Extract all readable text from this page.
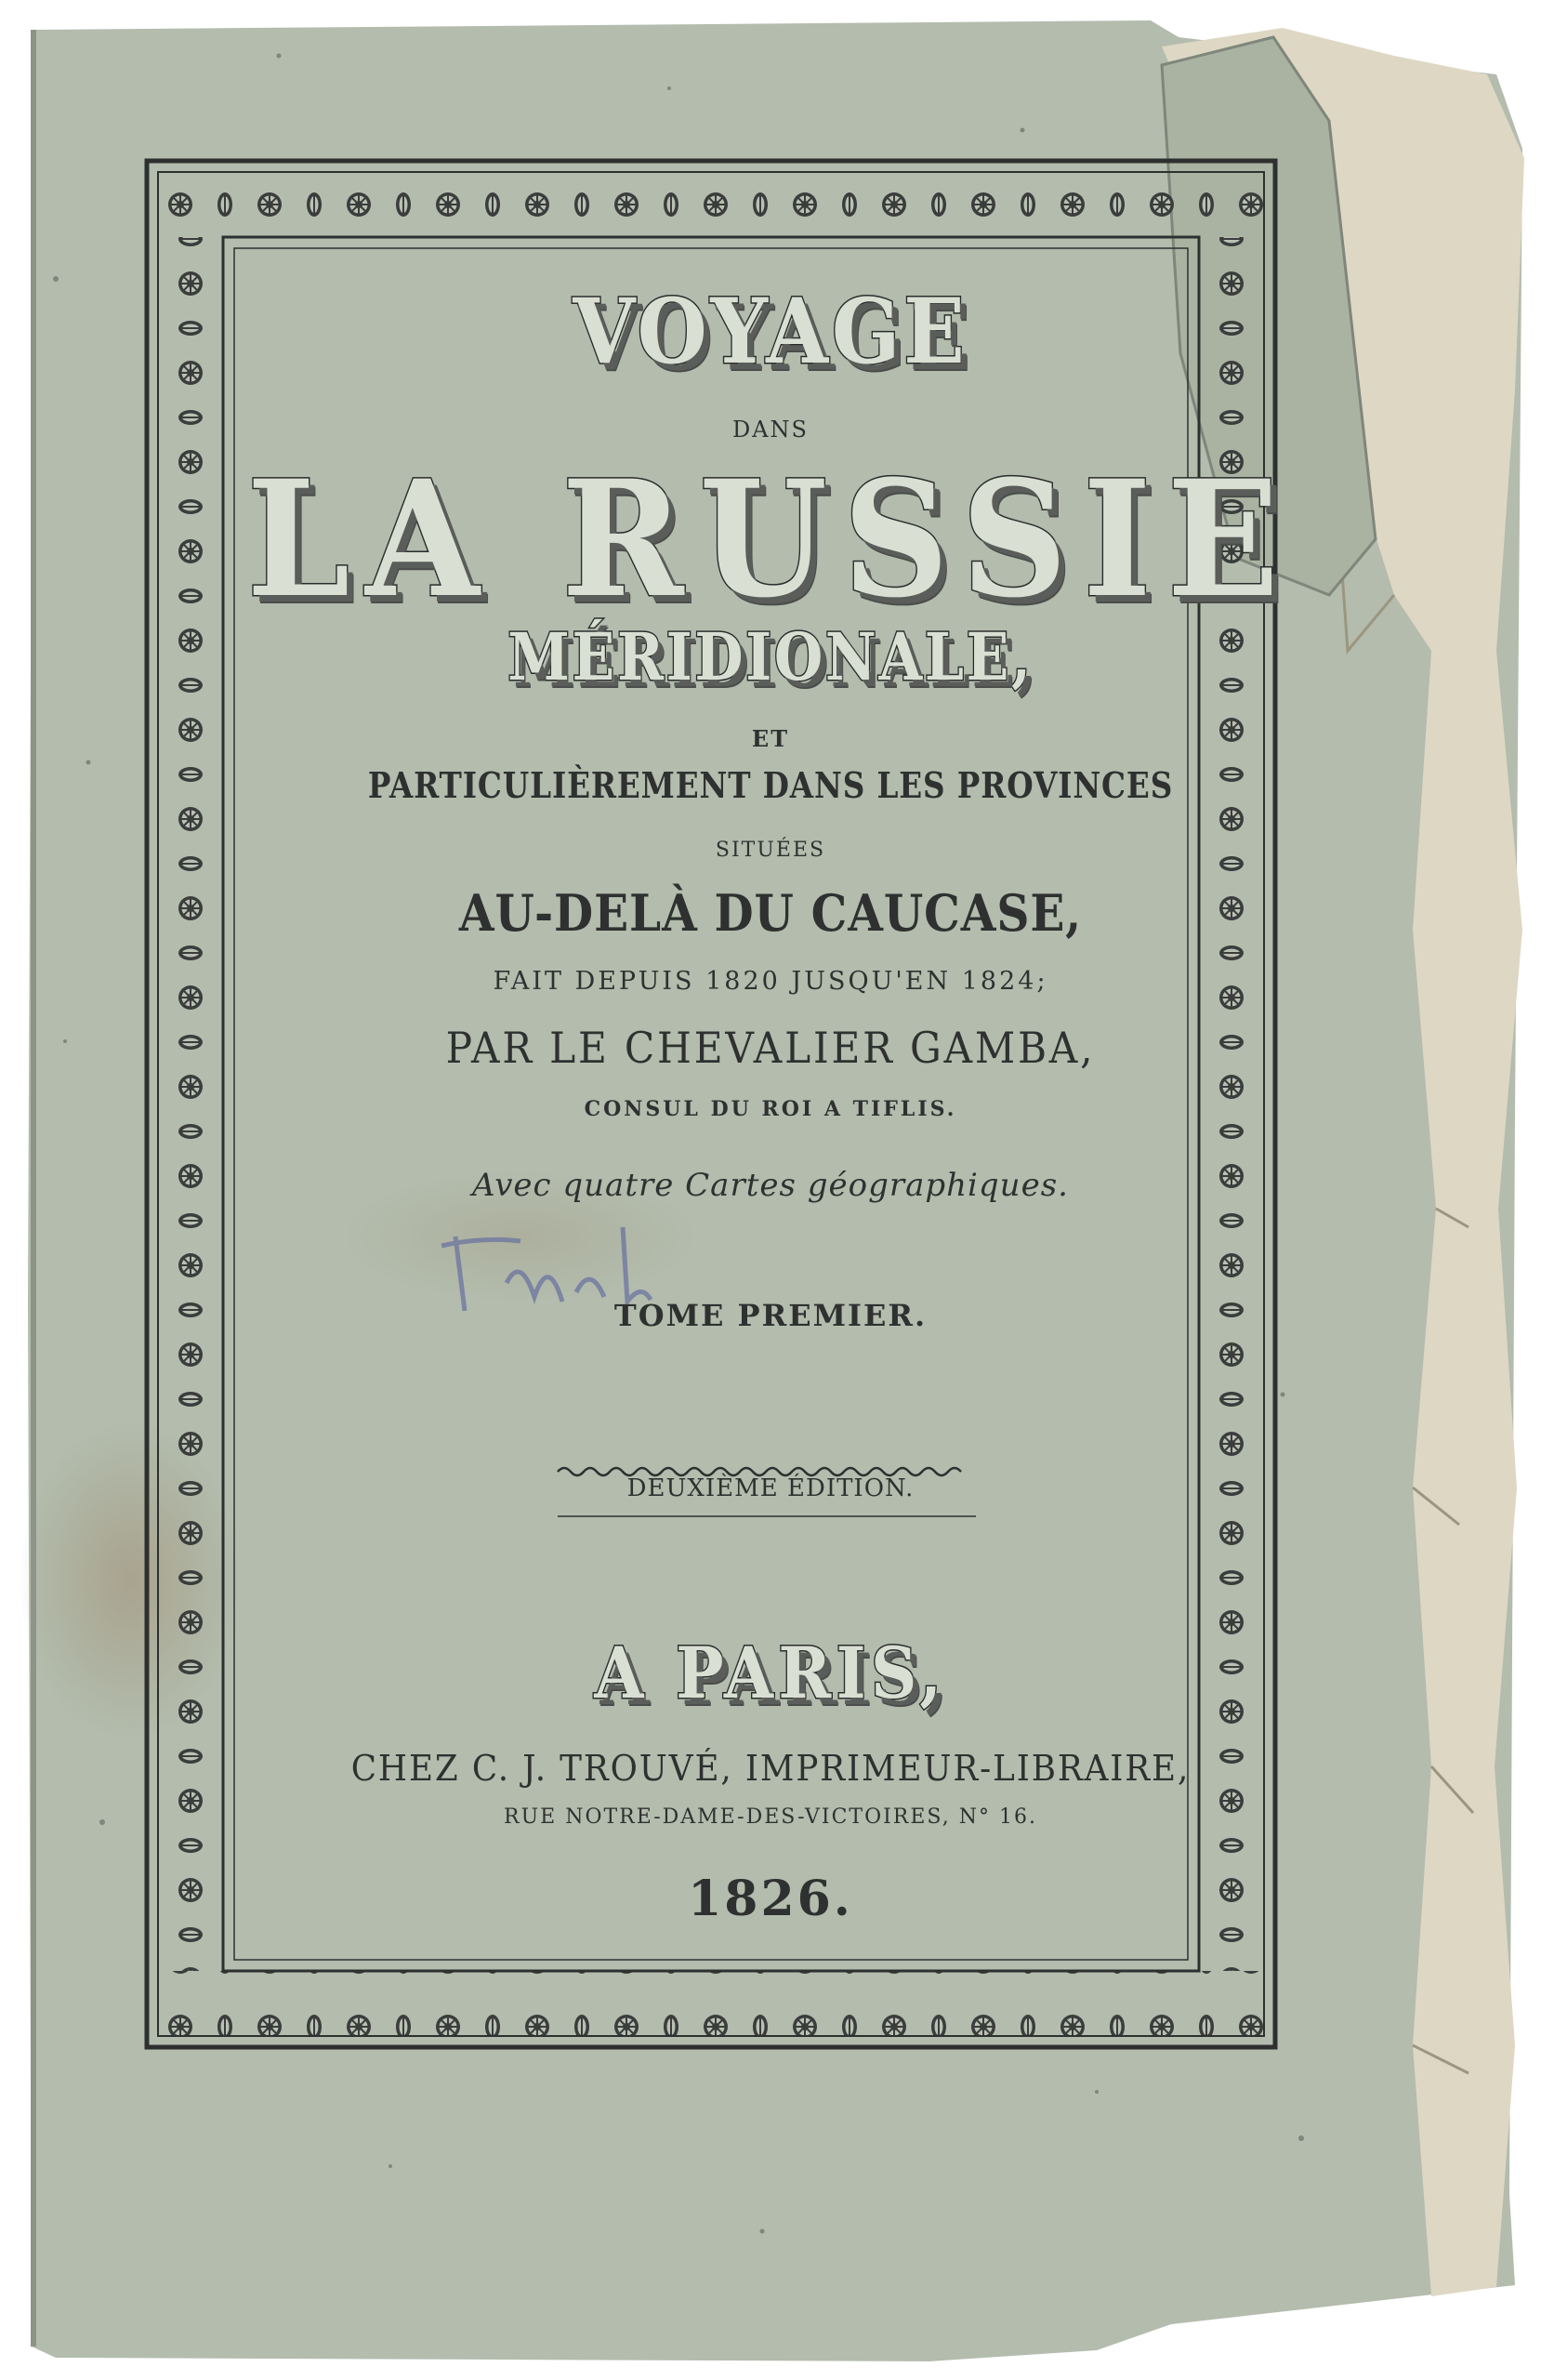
VOYAGE
DANS
LA RUSSIE
MÉRIDIONALE,
ET
PARTICULIÈREMENT DANS LES PROVINCES
SITUÉES
AU-DELÀ DU CAUCASE,
FAIT DEPUIS 1820 JUSQU'EN 1824;
PAR LE CHEVALIER GAMBA,
CONSUL DU ROI A TIFLIS.
Avec quatre Cartes géographiques.
TOME PREMIER.
DEUXIÈME ÉDITION.
A PARIS,
CHEZ C. J. TROUVÉ, IMPRIMEUR-LIBRAIRE,
RUE NOTRE-DAME-DES-VICTOIRES, N° 16.
1826.
